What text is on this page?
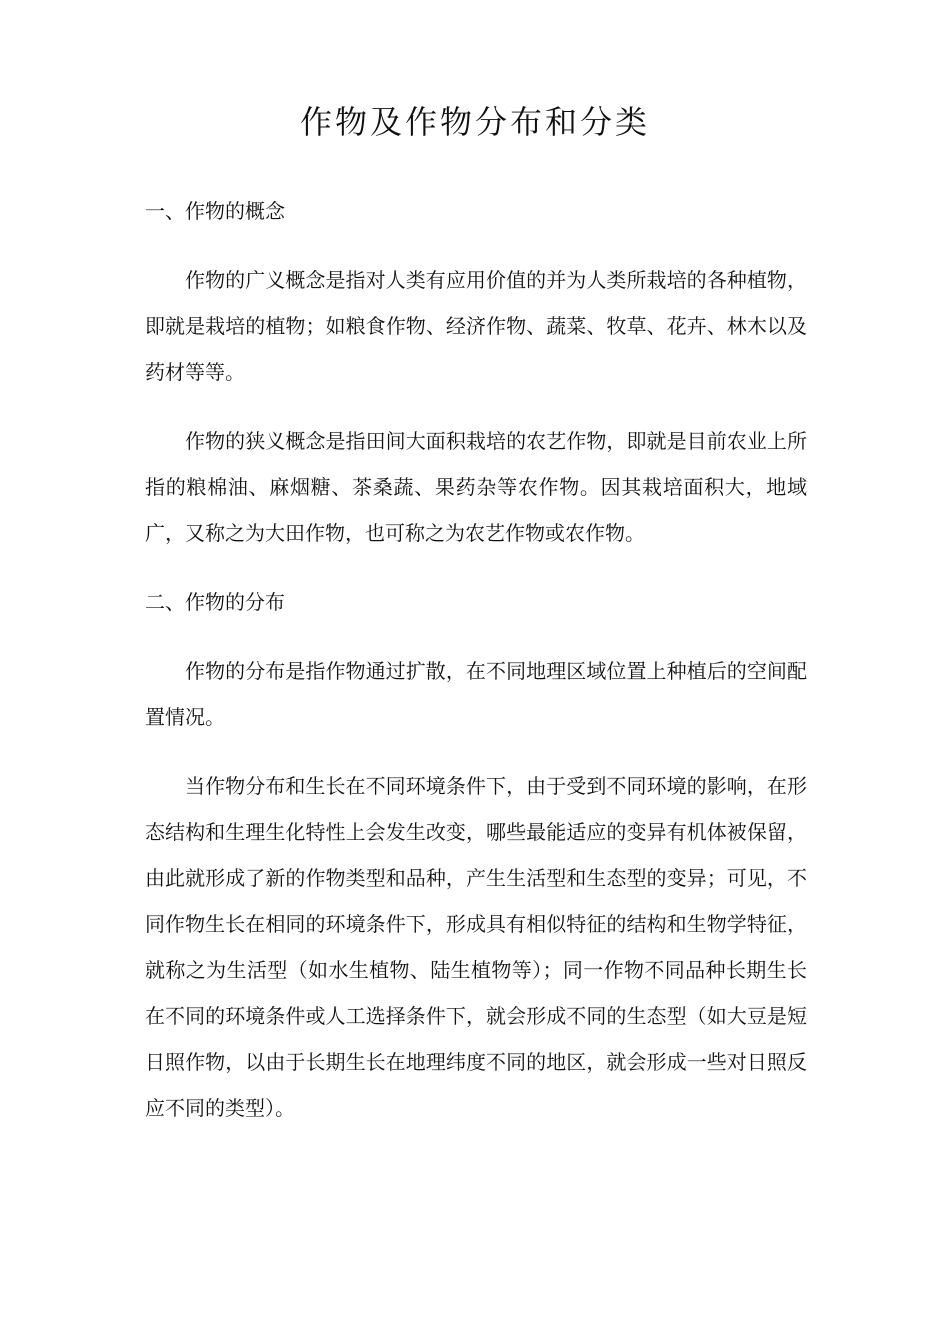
作物及作物分布和分类
一、作物的概念

作物的广义概念是指对人类有应用价值的并为人类所栽培的各种植物，即就是栽培的植物；如粮食作物、经济作物、蔬菜、牧草、花卉、林木以及药材等等。

作物的狭义概念是指田间大面积栽培的农艺作物，即就是目前农业上所指的粮棉油、麻烟糖、茶桑蔬、果药杂等农作物。因其栽培面积大，地域广，又称之为大田作物，也可称之为农艺作物或农作物。

二、作物的分布

作物的分布是指作物通过扩散，在不同地理区域位置上种植后的空间配置情况。

当作物分布和生长在不同环境条件下，由于受到不同环境的影响，在形态结构和生理生化特性上会发生改变，哪些最能适应的变异有机体被保留，由此就形成了新的作物类型和品种，产生生活型和生态型的变异；可见，不同作物生长在相同的环境条件下，形成具有相似特征的结构和生物学特征，就称之为生活型（如水生植物、陆生植物等）；同一作物不同品种长期生长在不同的环境条件或人工选择条件下，就会形成不同的生态型（如大豆是短日照作物，以由于长期生长在地理纬度不同的地区，就会形成一些对日照反应不同的类型）。
